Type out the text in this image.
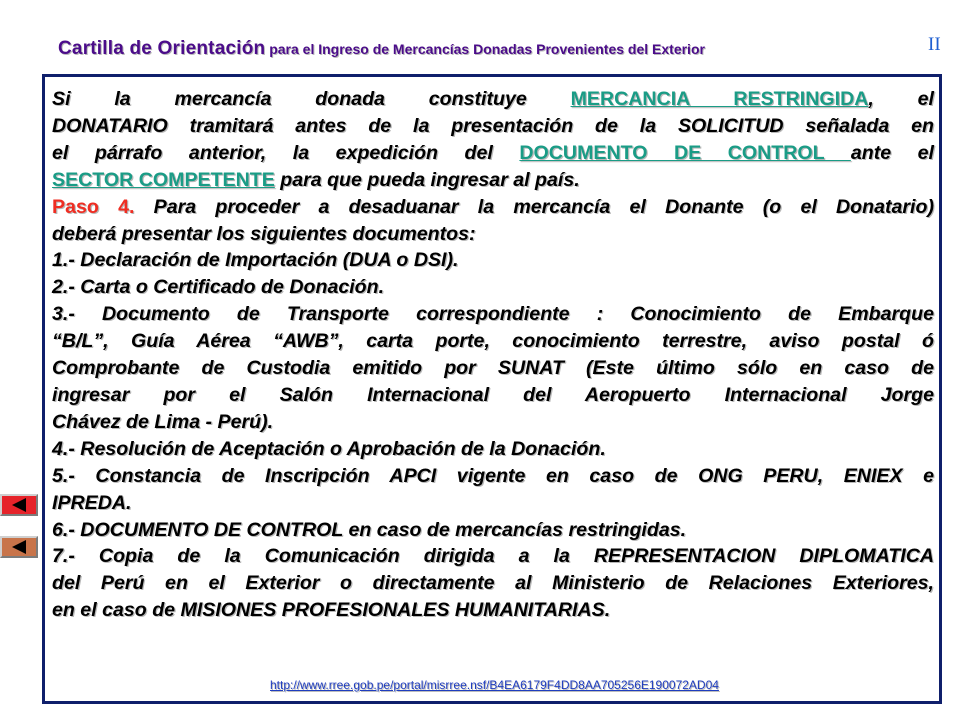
Cartilla de Orientación para el Ingreso de Mercancías Donadas Provenientes del Exterior	II

Si la mercancía donada constituye MERCANCIA RESTRINGIDA, el

DONATARIO tramitará antes de la presentación de la SOLICITUD señalada en

el párrafo anterior, la expedición del DOCUMENTO DE CONTROL ante el

SECTOR COMPETENTE para que pueda ingresar al país.

Paso 4. Para proceder a desaduanar la mercancía el Donante (o el Donatario)

deberá presentar los siguientes documentos:

1.- Declaración de Importación (DUA o DSI).

2.- Carta o Certificado de Donación.

3.- Documento de Transporte correspondiente : Conocimiento de Embarque

“B/L”, Guía Aérea “AWB”, carta porte, conocimiento terrestre, aviso postal ó

Comprobante de Custodia emitido por SUNAT (Este último sólo en caso de

ingresar por el Salón Internacional del Aeropuerto Internacional Jorge

Chávez de Lima - Perú).

4.- Resolución de Aceptación o Aprobación de la Donación.

5.- Constancia de Inscripción APCI vigente en caso de ONG PERU, ENIEX e

IPREDA.

6.- DOCUMENTO DE CONTROL en caso de mercancías restringidas.

7.- Copia de la Comunicación dirigida a la REPRESENTACION DIPLOMATICA

del Perú en el Exterior o directamente al Ministerio de Relaciones Exteriores,

en el caso de MISIONES PROFESIONALES HUMANITARIAS.

http://www.rree.gob.pe/portal/misrree.nsf/B4EA6179F4DD8AA705256E190072AD04
